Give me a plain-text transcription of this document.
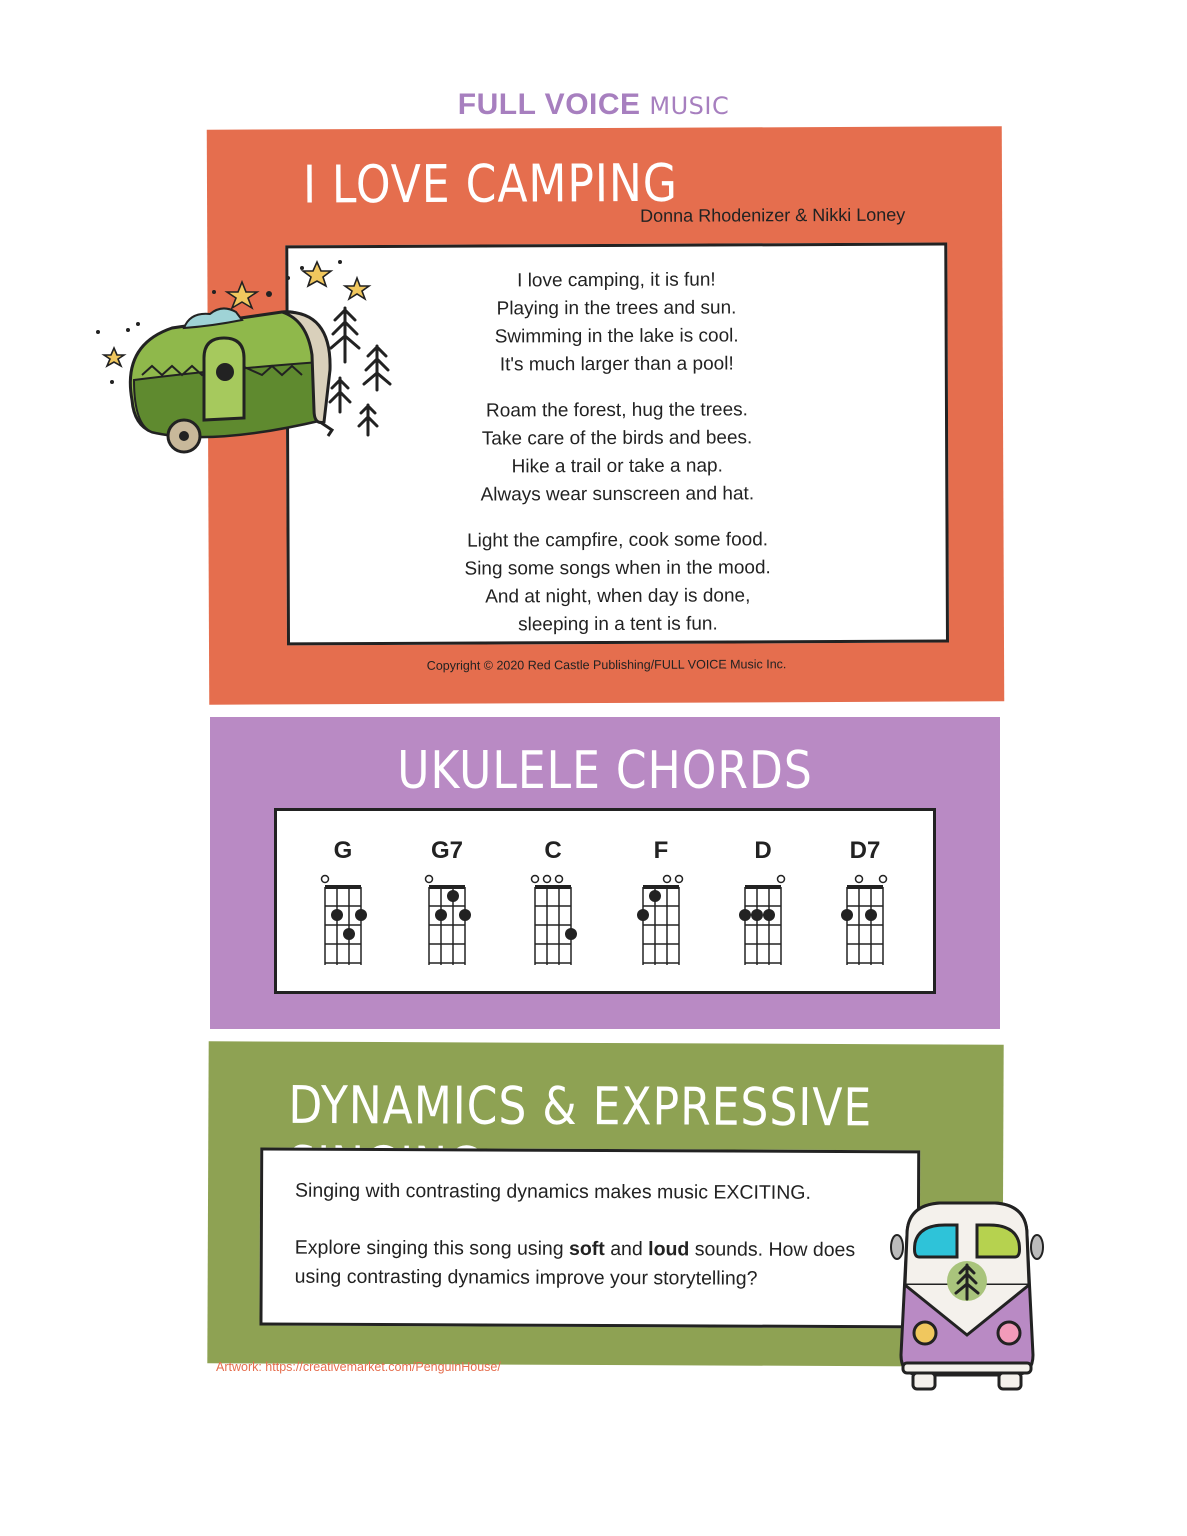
FULL VOICE MUSIC
I LOVE CAMPING
Donna Rhodenizer & Nikki Loney
I love camping, it is fun!
Playing in the trees and sun.
Swimming in the lake is cool.
It's much larger than a pool!
Roam the forest, hug the trees.
Take care of the birds and bees.
Hike a trail or take a nap.
Always wear sunscreen and hat.
Light the campfire, cook some food.
Sing some songs when in the mood.
And at night, when day is done,
sleeping in a tent is fun.
Copyright © 2020 Red Castle Publishing/FULL VOICE Music Inc.
UKULELE CHORDS
G	G7	C	F	D	D7
DYNAMICS & EXPRESSIVE

Singing with contrasting dynamics makes music EXCITING.

Explore singing this song using soft and loud sounds. How does using contrasting dynamics improve your storytelling?

Artwork: https://creativemarket.com/PenguinHouse/
